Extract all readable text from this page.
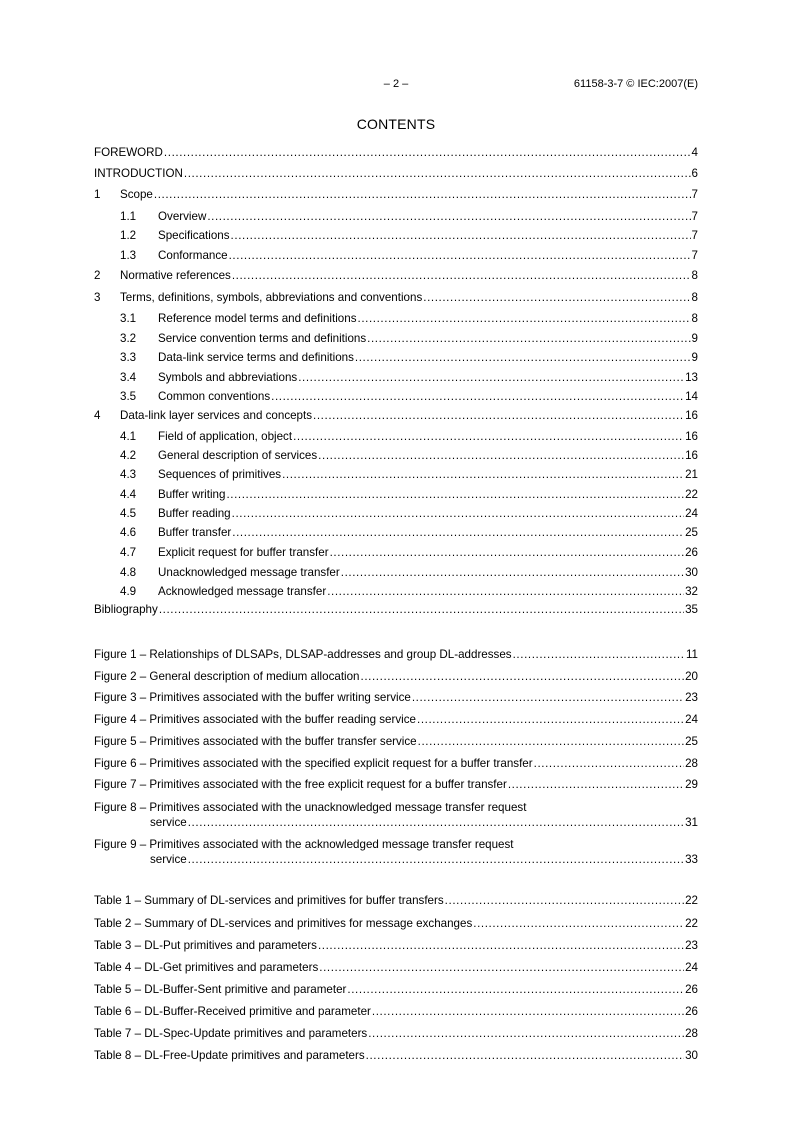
– 2 –	61158-3-7 © IEC:2007(E)
CONTENTS
FOREWORD .....	4
INTRODUCTION .....	6
1	Scope .....	7
1.1	Overview .....	7
1.2	Specifications .....	7
1.3	Conformance .....	7
2	Normative references .....	8
3	Terms, definitions, symbols, abbreviations and conventions .....	8
3.1	Reference model terms and definitions .....	8
3.2	Service convention terms and definitions .....	9
3.3	Data-link service terms and definitions .....	9
3.4	Symbols and abbreviations .....	13
3.5	Common conventions .....	14
4	Data-link layer services and concepts .....	16
4.1	Field of application, object .....	16
4.2	General description of services .....	16
4.3	Sequences of primitives .....	21
4.4	Buffer writing .....	22
4.5	Buffer reading .....	24
4.6	Buffer transfer .....	25
4.7	Explicit request for buffer transfer .....	26
4.8	Unacknowledged message transfer .....	30
4.9	Acknowledged message transfer .....	32
Bibliography .....	35
Figure 1 – Relationships of DLSAPs, DLSAP-addresses and group DL-addresses .....	11
Figure 2 – General description of medium allocation .....	20
Figure 3 – Primitives associated with the buffer writing service .....	23
Figure 4 – Primitives associated with the buffer reading service .....	24
Figure 5 – Primitives associated with the buffer transfer service .....	25
Figure 6 – Primitives associated with the specified explicit request for a buffer transfer .....	28
Figure 7 – Primitives associated with the free explicit request for a buffer transfer .....	29
Figure 8 – Primitives associated with the unacknowledged message transfer request
service .....	31
Figure 9 – Primitives associated with the acknowledged message transfer request
service .....	33
Table 1 – Summary of DL-services and primitives for buffer transfers .....	22
Table 2 – Summary of DL-services and primitives for message exchanges .....	22
Table 3 – DL-Put primitives and parameters .....	23
Table 4 – DL-Get primitives and parameters .....	24
Table 5 – DL-Buffer-Sent primitive and parameter .....	26
Table 6 – DL-Buffer-Received primitive and parameter .....	26
Table 7 – DL-Spec-Update primitives and parameters .....	28
Table 8 – DL-Free-Update primitives and parameters .....	30
